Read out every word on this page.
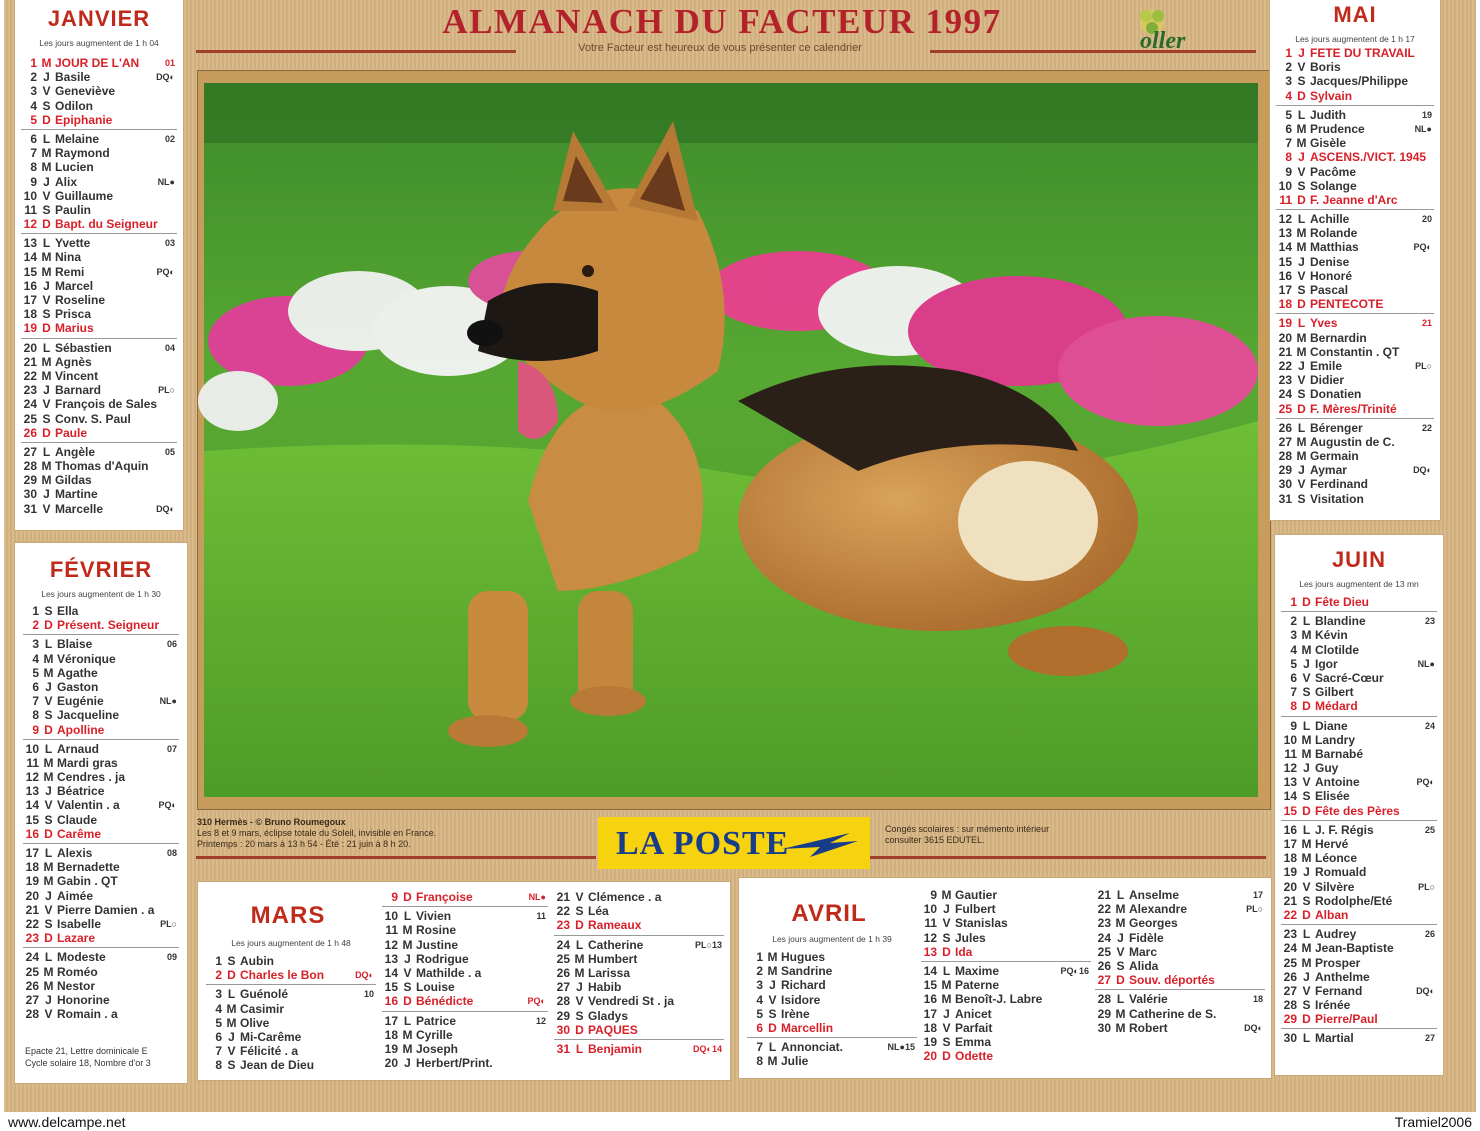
ALMANACH DU FACTEUR 1997
Votre Facteur est heureux de vous présenter ce calendrier	oller
310 Hermès - © Bruno Roumegoux
Les 8 et 9 mars, éclipse totale du Soleil, invisible en France.
Printemps : 20 mars à 13 h 54 - Été : 21 juin à 8 h 20.
Congés scolaires : sur mémento intérieur
consulter 3615 EDUTEL.
LA POSTE
JANVIER
Les jours augmentent de 1 h 04
1 M JOUR DE L'AN	01
2 J Basile	DQ◐
3 V Geneviève
4 S Odilon
5 D Epiphanie
6 L Melaine	02
7 M Raymond
8 M Lucien
9 J Alix	NL●
10 V Guillaume
11 S Paulin
12 D Bapt. du Seigneur
13 L Yvette	03
14 M Nina
15 M Remi	PQ◐
16 J Marcel
17 V Roseline
18 S Prisca
19 D Marius
20 L Sébastien	04
21 M Agnès
22 M Vincent
23 J Barnard	PL○
24 V François de Sales
25 S Conv. S. Paul
26 D Paule
27 L Angèle	05
28 M Thomas d'Aquin
29 M Gildas
30 J Martine
31 V Marcelle	DQ◐
FÉVRIER
Les jours augmentent de 1 h 30
1 S Ella
2 D Présent. Seigneur
3 L Blaise	06
4 M Véronique
5 M Agathe
6 J Gaston
7 V Eugénie	NL●
8 S Jacqueline
9 D Apolline
10 L Arnaud	07
11 M Mardi gras
12 M Cendres . ja
13 J Béatrice
14 V Valentin . a	PQ◐
15 S Claude
16 D Carême
17 L Alexis	08
18 M Bernadette
19 M Gabin . QT
20 J Aimée
21 V Pierre Damien . a
22 S Isabelle	PL○
23 D Lazare
24 L Modeste	09
25 M Roméo
26 M Nestor
27 J Honorine
28 V Romain . a
Epacte 21, Lettre dominicale E
Cycle solaire 18, Nombre d'or 3
MARS
Les jours augmentent de 1 h 48
1 S Aubin
2 D Charles le Bon	DQ◐
3 L Guénolé	10
4 M Casimir
5 M Olive
6 J Mi-Carême
7 V Félicité . a
8 S Jean de Dieu
9 D Françoise	NL●
10 L Vivien	11
11 M Rosine
12 M Justine
13 J Rodrigue
14 V Mathilde . a
15 S Louise
16 D Bénédicte	PQ◐
17 L Patrice	12
18 M Cyrille
19 M Joseph
20 J Herbert/Print.
21 V Clémence . a
22 S Léa
23 D Rameaux
24 L Catherine	PL○13
25 M Humbert
26 M Larissa
27 J Habib
28 V Vendredi St . ja
29 S Gladys
30 D PAQUES
31 L Benjamin	DQ◐14
AVRIL
Les jours augmentent de 1 h 39
1 M Hugues
2 M Sandrine
3 J Richard
4 V Isidore
5 S Irène
6 D Marcellin
7 L Annonciat.	NL●15
8 M Julie
9 M Gautier
10 J Fulbert
11 V Stanislas
12 S Jules
13 D Ida
14 L Maxime	PQ◐16
15 M Paterne
16 M Benoît-J. Labre
17 J Anicet
18 V Parfait
19 S Emma
20 D Odette
21 L Anselme	17
22 M Alexandre	PL○
23 M Georges
24 J Fidèle
25 V Marc
26 S Alida
27 D Souv. déportés
28 L Valérie	18
29 M Catherine de S.
30 M Robert	DQ◐
MAI
Les jours augmentent de 1 h 17
1 J FETE DU TRAVAIL
2 V Boris
3 S Jacques/Philippe
4 D Sylvain
5 L Judith	19
6 M Prudence	NL●
7 M Gisèle
8 J ASCENS./VICT. 1945
9 V Pacôme
10 S Solange
11 D F. Jeanne d'Arc
12 L Achille	20
13 M Rolande
14 M Matthias	PQ◐
15 J Denise
16 V Honoré
17 S Pascal
18 D PENTECOTE
19 L Yves	21
20 M Bernardin
21 M Constantin . QT
22 J Emile	PL○
23 V Didier
24 S Donatien
25 D F. Mères/Trinité
26 L Bérenger	22
27 M Augustin de C.
28 M Germain
29 J Aymar	DQ◐
30 V Ferdinand
31 S Visitation
JUIN
Les jours augmentent de 13 mn
1 D Fête Dieu
2 L Blandine	23
3 M Kévin
4 M Clotilde
5 J Igor	NL●
6 V Sacré-Cœur
7 S Gilbert
8 D Médard
9 L Diane	24
10 M Landry
11 M Barnabé
12 J Guy
13 V Antoine	PQ◐
14 S Elisée
15 D Fête des Pères
16 L J. F. Régis	25
17 M Hervé
18 M Léonce
19 J Romuald
20 V Silvère	PL○
21 S Rodolphe/Eté
22 D Alban
23 L Audrey	26
24 M Jean-Baptiste
25 M Prosper
26 J Anthelme
27 V Fernand	DQ◐
28 S Irénée
29 D Pierre/Paul
30 L Martial	27
www.delcampe.net	Tramiel2006
